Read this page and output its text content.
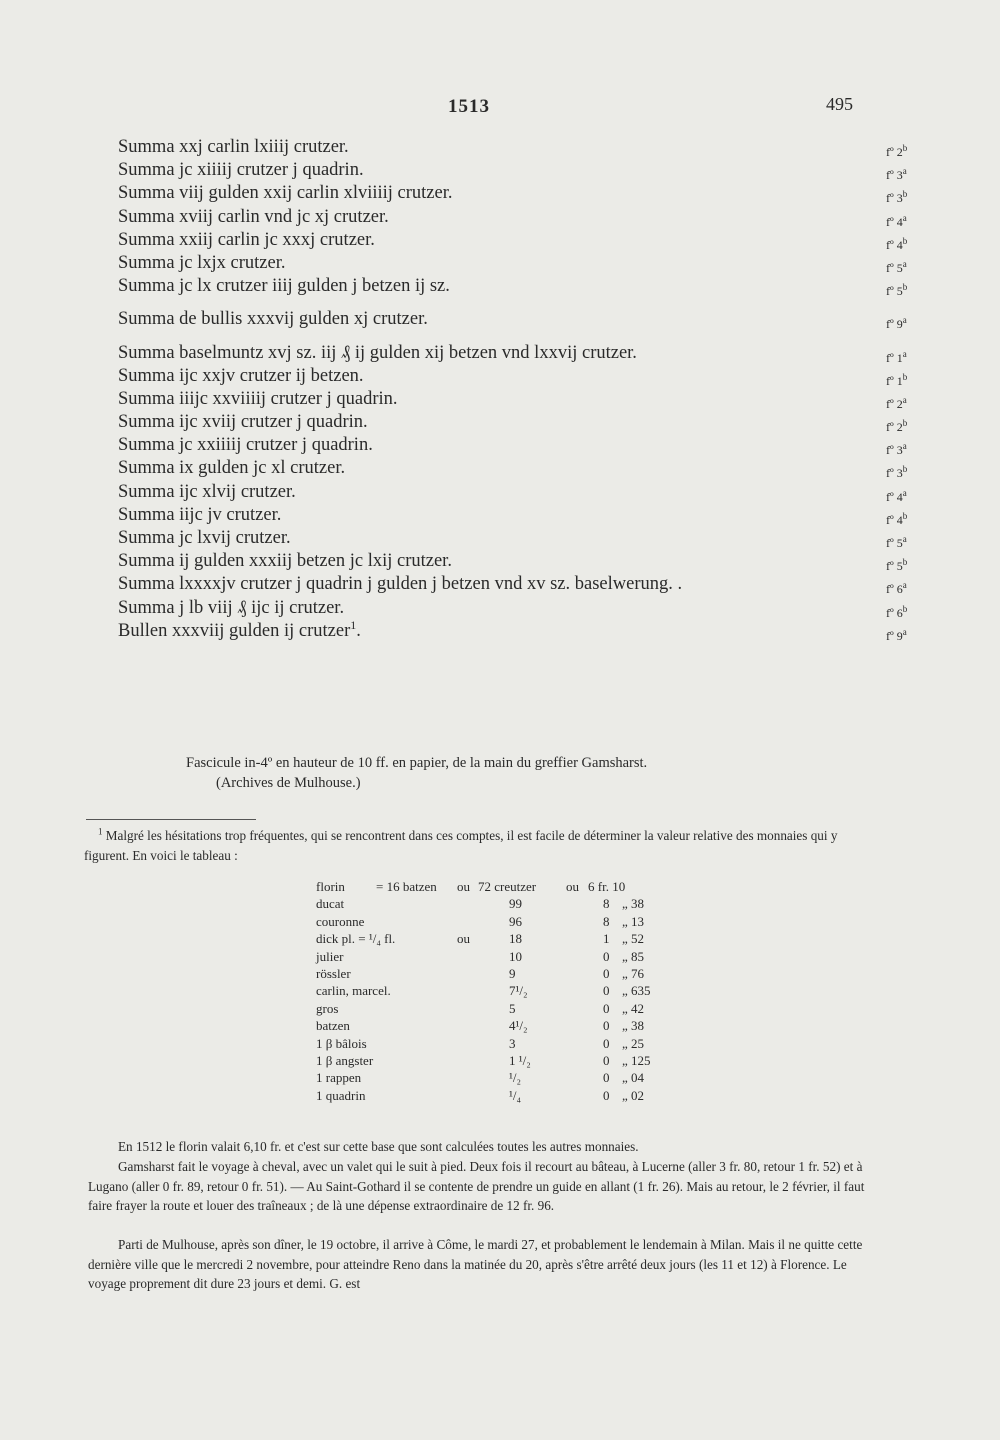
1513	495
Summa xxj carlin lxiiij crutzer.	fº 2$^b$
Summa jc xiiiij crutzer j quadrin.	fº 3$^a$
Summa viij gulden xxij carlin xlviiiij crutzer.	fº 3$^b$
Summa xviij carlin vnd jc xj crutzer.	fº 4$^a$
Summa xxiij carlin jc xxxj crutzer.	fº 4$^b$
Summa jc lxjx crutzer.	fº 5$^a$
Summa jc lx crutzer iiij gulden j betzen ij sz.	fº 5$^b$
Summa de bullis xxxvij gulden xj crutzer.	fº 9$^a$
Summa baselmuntz xvj sz. iij ₰ ij gulden xij betzen vnd lxxvij crutzer.	fº 1$^a$
Summa ijc xxjv crutzer ij betzen.	fº 1$^b$
Summa iiijc xxviiiij crutzer j quadrin.	fº 2$^a$
Summa ijc xviij crutzer j quadrin.	fº 2$^b$
Summa jc xxiiiij crutzer j quadrin.	fº 3$^a$
Summa ix gulden jc xl crutzer.	fº 3$^b$
Summa ijc xlvij crutzer.	fº 4$^a$
Summa iijc jv crutzer.	fº 4$^b$
Summa jc lxvij crutzer.	fº 5$^a$
Summa ij gulden xxxiij betzen jc lxij crutzer.	fº 5$^b$
Summa lxxxxjv crutzer j quadrin j gulden j betzen vnd xv sz. baselwerung. .	fº 6$^a$
Summa j lb viij ₰ ijc ij crutzer.	fº 6$^b$
Bullen xxxviij gulden ij crutzer$^1$.	fº 9$^a$
Fascicule in-4º en hauteur de 10 ff. en papier, de la main du greffier Gamsharst.
(Archives de Mulhouse.)
$^1$ Malgré les hésitations trop fréquentes, qui se rencontrent dans ces comptes, il est facile de déterminer la valeur relative des monnaies qui y figurent. En voici le tableau :
florin = 16 batzen ou 72 creutzer ou 6 fr. 10
ducat	99	8 „ 38
couronne	96	8 „ 13
dick pl. = ¹/₄ fl.	ou	18	1 „ 52
julier	10	0 „ 85
rössler	9	0 „ 76
carlin, marcel.	7¹/₂	0 „ 635
gros	5	0 „ 42
batzen	4¹/₂	0 „ 38
1 β bâlois	3	0 „ 25
1 β angster	1 ¹/₂	0 „ 125
1 rappen	¹/₂	0 „ 04
1 quadrin	¹/₄	0 „ 02
En 1512 le florin valait 6,10 fr. et c'est sur cette base que sont calculées toutes les autres monnaies.
Gamsharst fait le voyage à cheval, avec un valet qui le suit à pied. Deux fois il recourt au bâteau, à Lucerne (aller 3 fr. 80, retour 1 fr. 52) et à Lugano (aller 0 fr. 89, retour 0 fr. 51). — Au Saint-Gothard il se contente de prendre un guide en allant (1 fr. 26). Mais au retour, le 2 février, il faut faire frayer la route et louer des traîneaux ; de là une dépense extraordinaire de 12 fr. 96.
Parti de Mulhouse, après son dîner, le 19 octobre, il arrive à Côme, le mardi 27, et probablement le lendemain à Milan. Mais il ne quitte cette dernière ville que le mercredi 2 novembre, pour atteindre Reno dans la matinée du 20, après s'être arrêté deux jours (les 11 et 12) à Florence. Le voyage proprement dit dure 23 jours et demi. G. est
